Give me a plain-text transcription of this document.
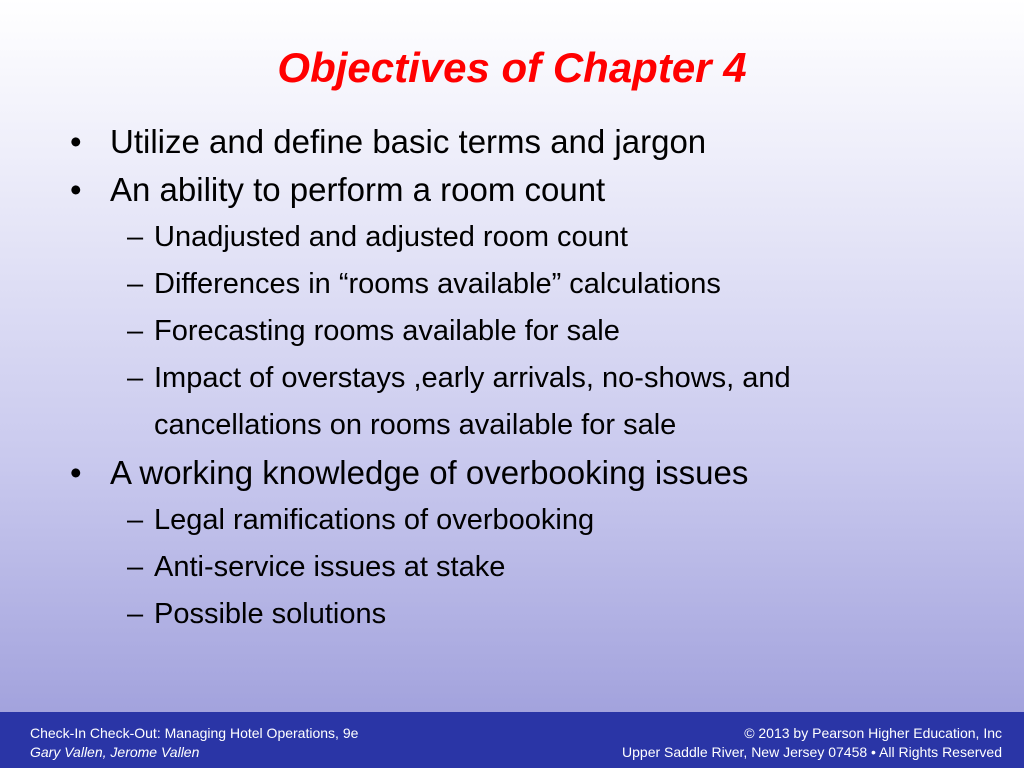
Objectives of Chapter 4
• Utilize and define basic terms and jargon
• An ability to perform a room count
– Unadjusted and adjusted room count
– Differences in “rooms available” calculations
– Forecasting rooms available for sale
– Impact of overstays ,early arrivals, no-shows, and cancellations on rooms available for sale
• A working knowledge of overbooking issues
– Legal ramifications of overbooking
– Anti-service issues at stake
– Possible solutions
Check-In Check-Out: Managing Hotel Operations, 9e
Gary Vallen, Jerome Vallen
© 2013 by Pearson Higher Education, Inc
Upper Saddle River, New Jersey 07458 • All Rights Reserved
